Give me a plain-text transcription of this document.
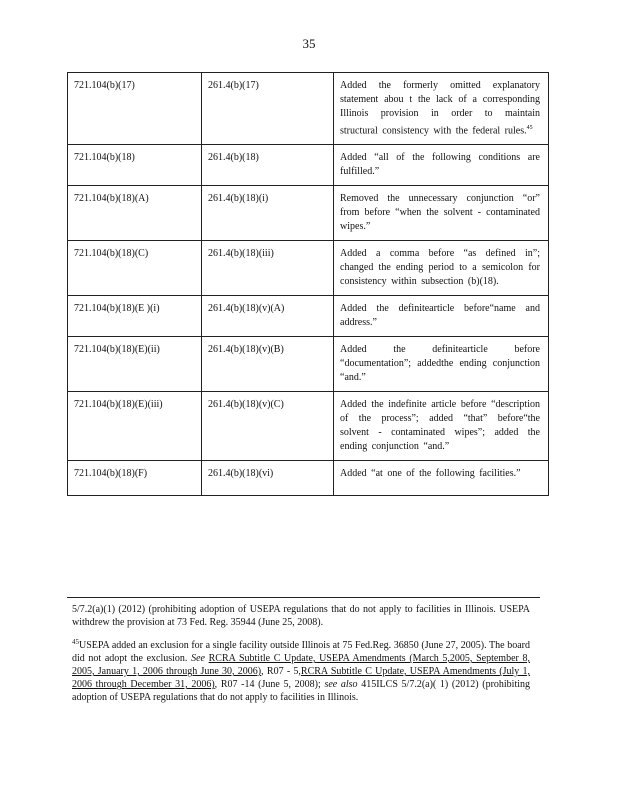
35
721.104(b)(17)	261.4(b)(17)	Added the formerly omitted explanatory statement abou t the lack of a corresponding Illinois provision in order to maintain structural consistency with the federal rules.$^{45}$

721.104(b)(18)	261.4(b)(18)	Added “all of the following conditions are fulfilled.”

721.104(b)(18)(A)	261.4(b)(18)(i)	Removed the unnecessary conjunction “or” from before “when the solvent - contaminated wipes.”

721.104(b)(18)(C)	261.4(b)(18)(iii)	Added a comma before “as defined in”; changed the ending period to a semicolon for consistency within subsection (b)(18).

721.104(b)(18)(E )(i)	261.4(b)(18)(v)(A)	Added the definitearticle before“name and address.”

721.104(b)(18)(E)(ii)	261.4(b)(18)(v)(B)	Added the definitearticle before “documentation”; addedthe ending conjunction “and.”

721.104(b)(18)(E)(iii)	261.4(b)(18)(v)(C)	Added the indefinite article before “description of the process”; added “that” before“the solvent - contaminated wipes”; added the ending conjunction “and.”

721.104(b)(18)(F)	261.4(b)(18)(vi)	Added “at one of the following facilities.”

5/7.2(a)(1) (2012) (prohibiting adoption of USEPA regulations that do not apply to facilities in Illinois. USEPA withdrew the provision at 73 Fed. Reg. 35944 (June 25, 2008).

$^{45}$USEPA added an exclusion for a single facility outside Illinois at 75 Fed.Reg. 36850 (June 27, 2005). The board did not adopt the exclusion. See RCRA Subtitle C Update, USEPA Amendments (March 5,2005, September 8, 2005, January 1, 2006 through June 30, 2006), R07 - 5,RCRA Subtitle C Update, USEPA Amendments (July 1, 2006 through December 31, 2006), R07 -14 (June 5, 2008); see also 415ILCS 5/7.2(a)( 1) (2012) (prohibiting adoption of USEPA regulations that do not apply to facilities in Illinois.
